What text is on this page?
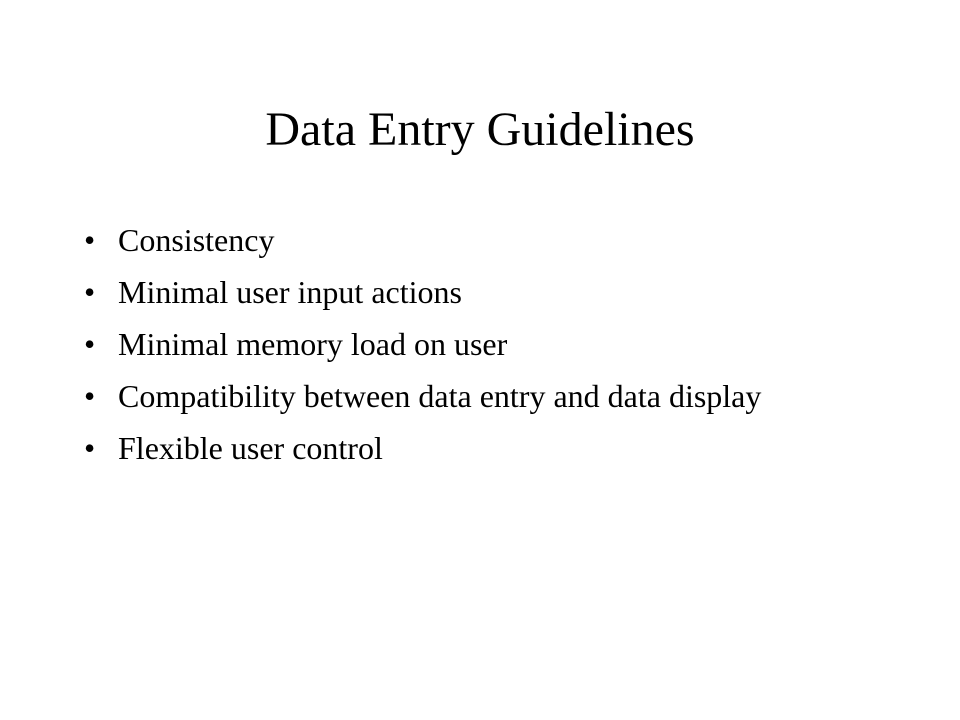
Data Entry Guidelines
• Consistency
• Minimal user input actions
• Minimal memory load on user
• Compatibility between data entry and data display
• Flexible user control
